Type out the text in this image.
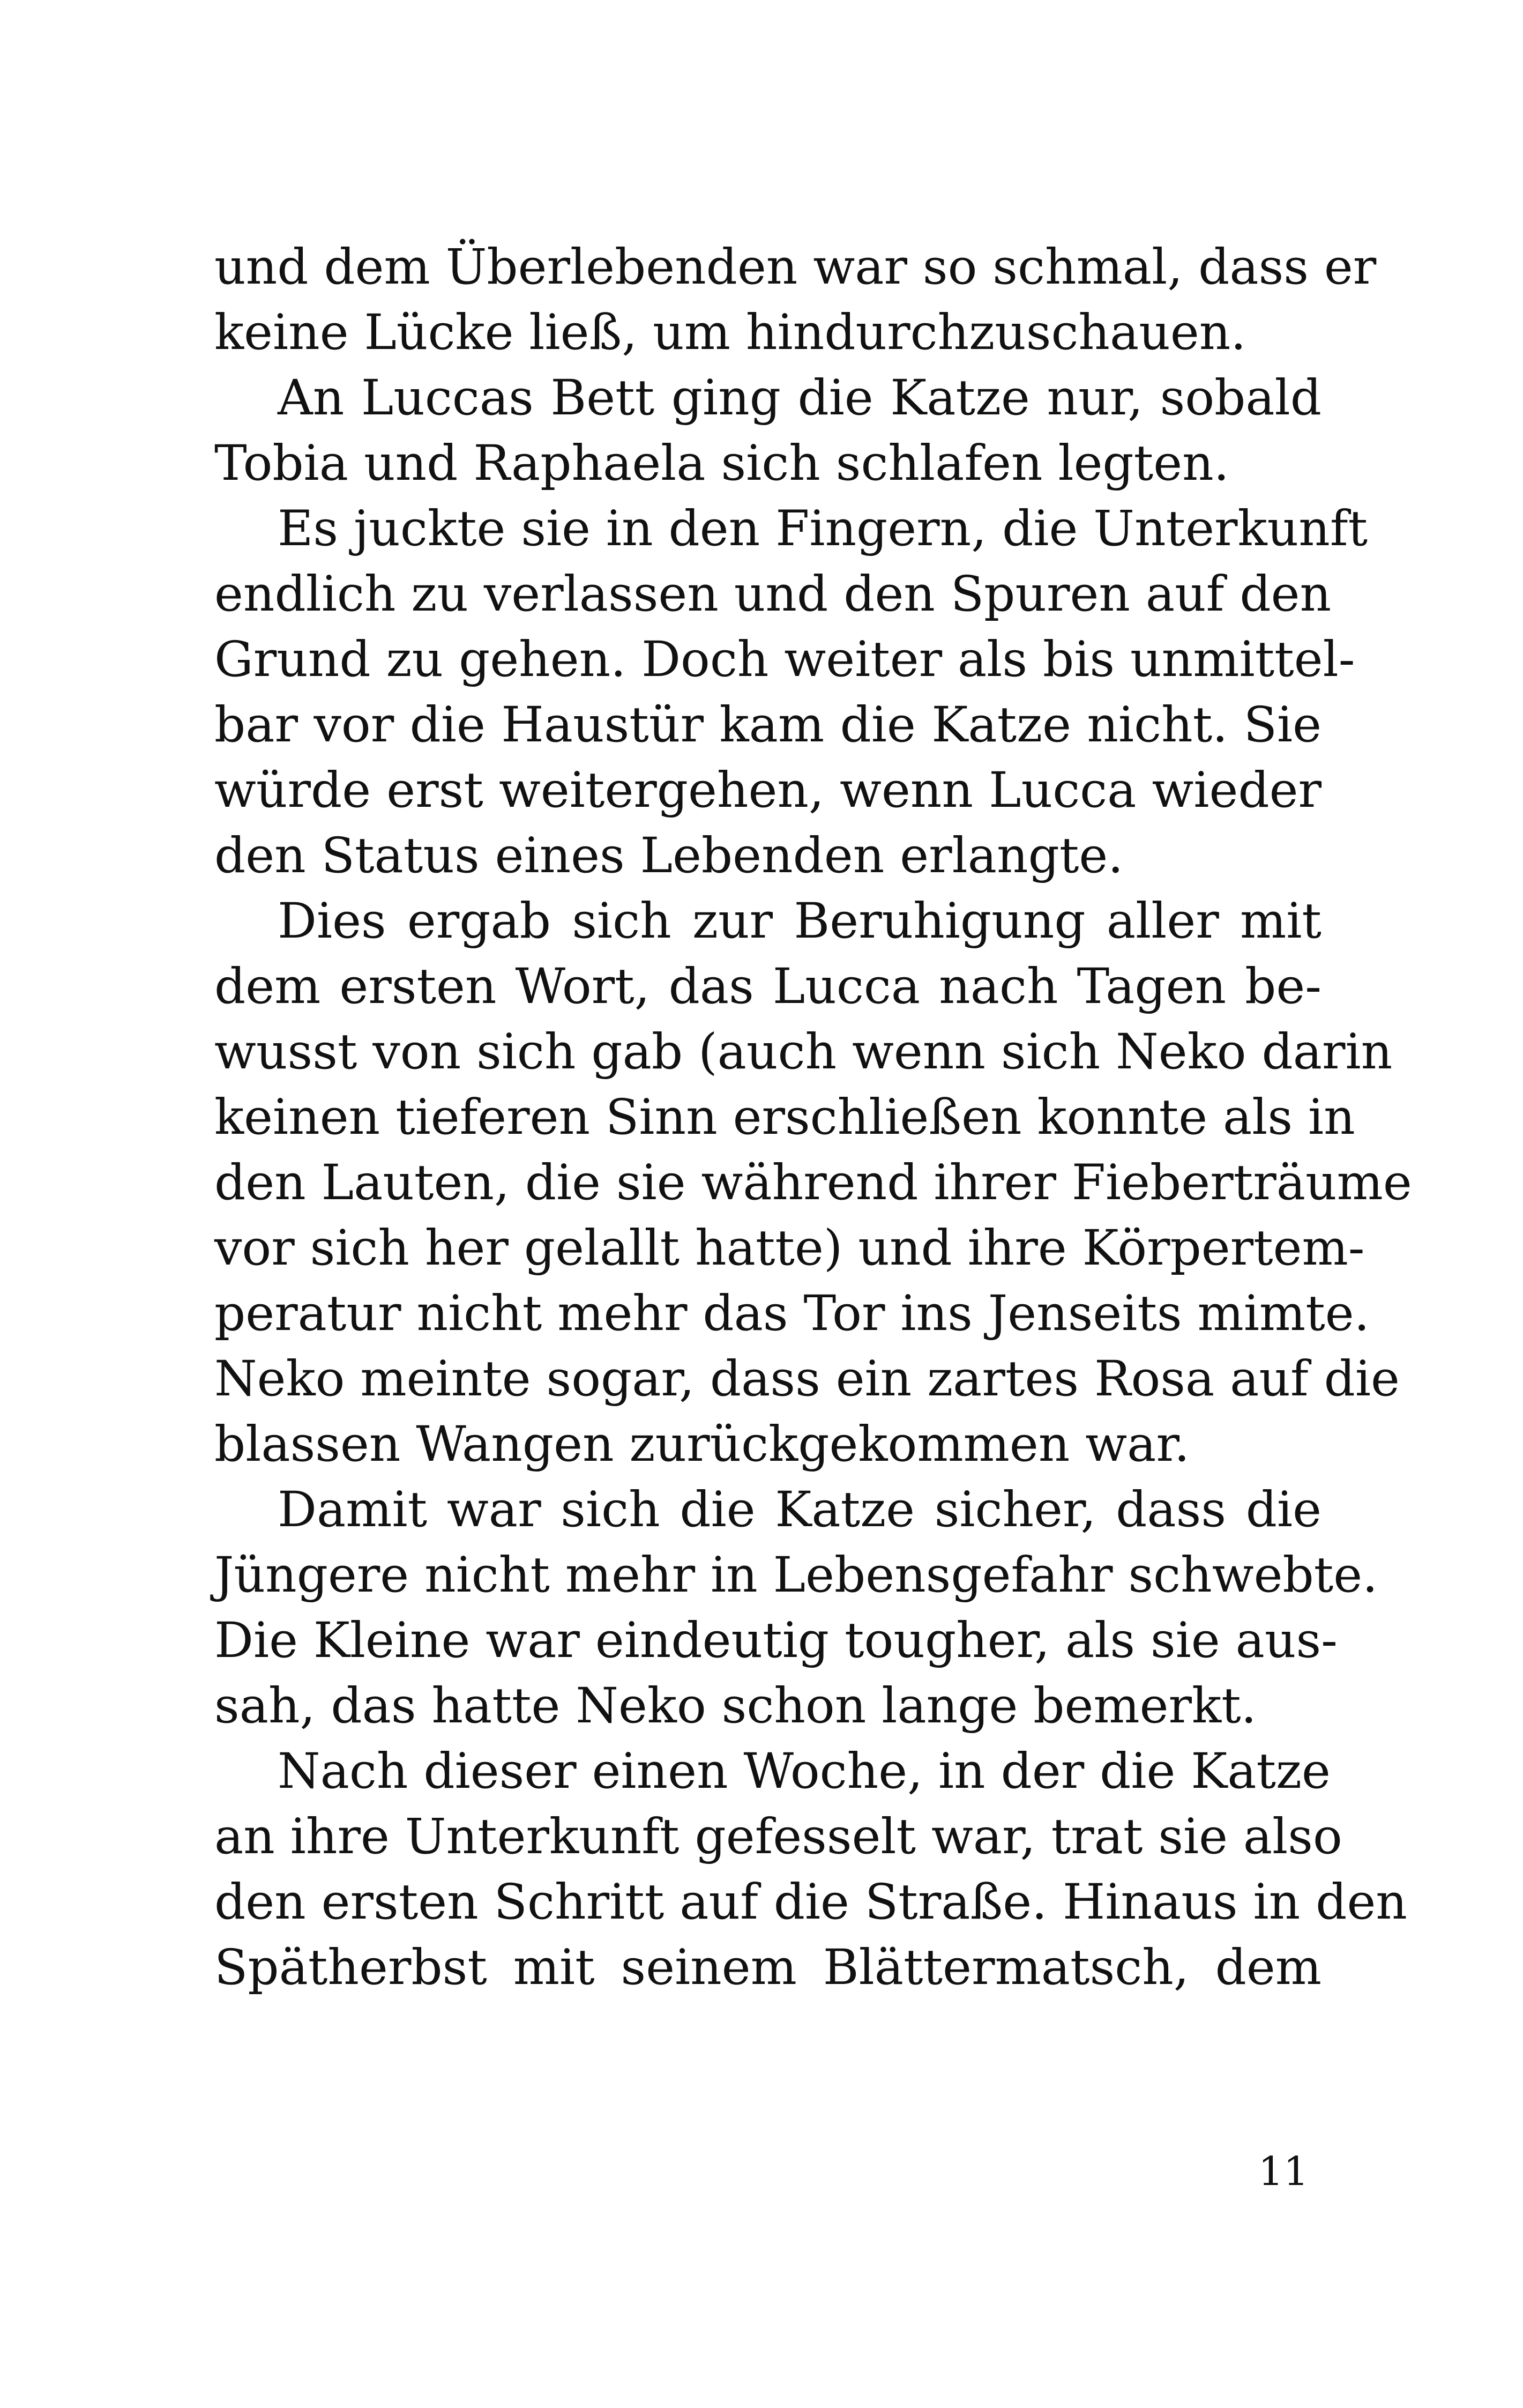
und dem Überlebenden war so schmal, dass er
keine Lücke ließ, um hindurchzuschauen.

An Luccas Bett ging die Katze nur, sobald
Tobia und Raphaela sich schlafen legten.

Es juckte sie in den Fingern, die Unterkunft
endlich zu verlassen und den Spuren auf den
Grund zu gehen. Doch weiter als bis unmittel-
bar vor die Haustür kam die Katze nicht. Sie
würde erst weitergehen, wenn Lucca wieder
den Status eines Lebenden erlangte.

Dies ergab sich zur Beruhigung aller mit
dem ersten Wort, das Lucca nach Tagen be-
wusst von sich gab (auch wenn sich Neko darin
keinen tieferen Sinn erschließen konnte als in
den Lauten, die sie während ihrer Fieberträume
vor sich her gelallt hatte) und ihre Körpertem-
peratur nicht mehr das Tor ins Jenseits mimte.
Neko meinte sogar, dass ein zartes Rosa auf die
blassen Wangen zurückgekommen war.

Damit war sich die Katze sicher, dass die
Jüngere nicht mehr in Lebensgefahr schwebte.
Die Kleine war eindeutig tougher, als sie aus-
sah, das hatte Neko schon lange bemerkt.

Nach dieser einen Woche, in der die Katze
an ihre Unterkunft gefesselt war, trat sie also
den ersten Schritt auf die Straße. Hinaus in den
Spätherbst mit seinem Blättermatsch, dem

11
